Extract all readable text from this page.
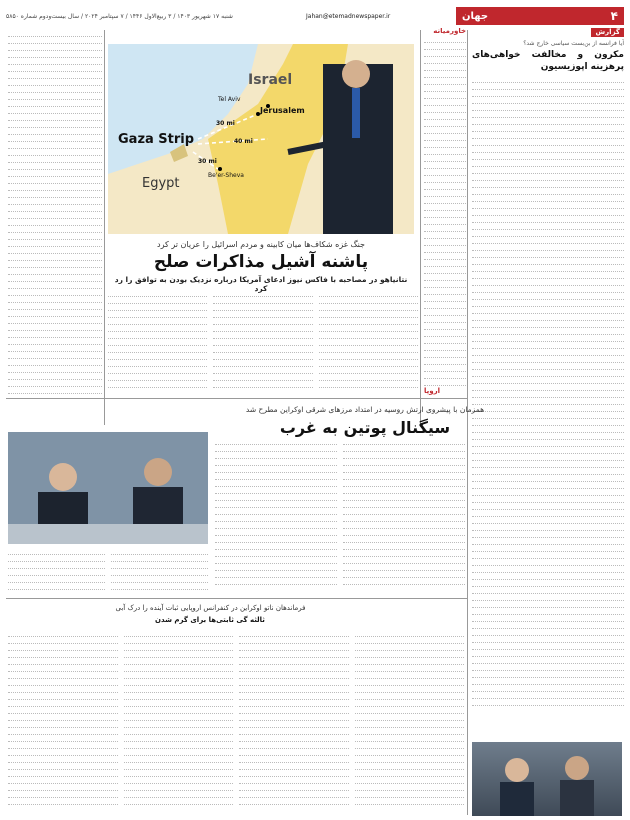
شنبه ۱۷ شهریور ۱۴۰۳ / ۳ ربیع‌الاول ۱۴۴۶ / ۷ سپتامبر ۲۰۲۴ / سال بیست‌ودوم شماره ۵۸۵۰	Jahan@etemadnewspaper.ir	جهان	۴
گزارش
آیا فرانسه از بن‌بست سیاسی خارج شد؟
مکرون و مخالفت خواهی‌های پرهزینه اپوزیسیون
خاورمیانه
اروپا
Israel
Tel Aviv
Jerusalem
Gaza Strip
Egypt
Be'er-Sheva
30 mi
40 mi
30 mi
جنگ غزه شکاف‌ها میان کابینه و مردم اسرائیل را عریان تر کرد
پاشنه آشیل مذاکرات صلح
نتانیاهو در مصاحبه با فاکس نیوز ادعای آمریکا درباره نزدیک بودن به توافق را رد کرد
همزمان با پیشروی ارتش روسیه در امتداد مرزهای شرقی اوکراین مطرح شد
سیگنال پوتین به غرب
فرماندهان ناتو اوکراین در کنفرانس اروپایی ثبات آینده را درک آبی
ثالثه گی ثابتی‌ها برای گرم شدن
